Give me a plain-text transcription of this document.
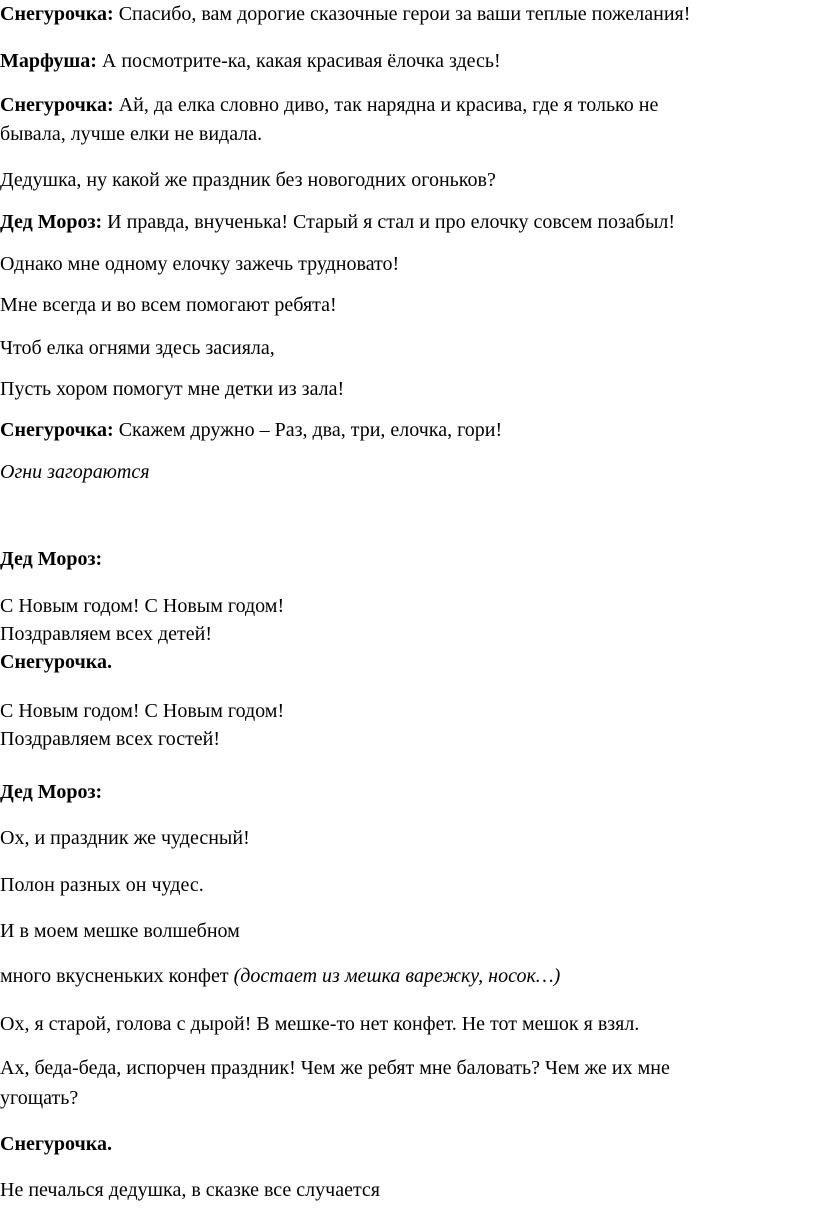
Снегурочка: Спасибо, вам дорогие сказочные герои за ваши теплые пожелания!

Марфуша: А посмотрите-ка, какая красивая ёлочка здесь!

Снегурочка: Ай, да елка словно диво, так нарядна и красива, где я только не

бывала, лучше елки не видала.

Дедушка, ну какой же праздник без новогодних огоньков?

Дед Мороз: И правда, внученька! Старый я стал и про елочку совсем позабыл!

Однако мне одному елочку зажечь трудновато!

Мне всегда и во всем помогают ребята!

Чтоб елка огнями здесь засияла,

Пусть хором помогут мне детки из зала!

Снегурочка: Скажем дружно – Раз, два, три, елочка, гори!

Огни загораются

Дед Мороз:

С Новым годом! С Новым годом!

Поздравляем всех детей!

Снегурочка.

С Новым годом! С Новым годом!

Поздравляем всех гостей!

Дед Мороз:

Ох, и праздник же чудесный!

Полон разных он чудес.

И в моем мешке волшебном

много вкусненьких конфет (достает из мешка варежку, носок…)

Ох, я старой, голова с дырой! В мешке-то нет конфет. Не тот мешок я взял.

Ах, беда-беда, испорчен праздник! Чем же ребят мне баловать? Чем же их мне

угощать?

Снегурочка.

Не печалься дедушка, в сказке все случается
